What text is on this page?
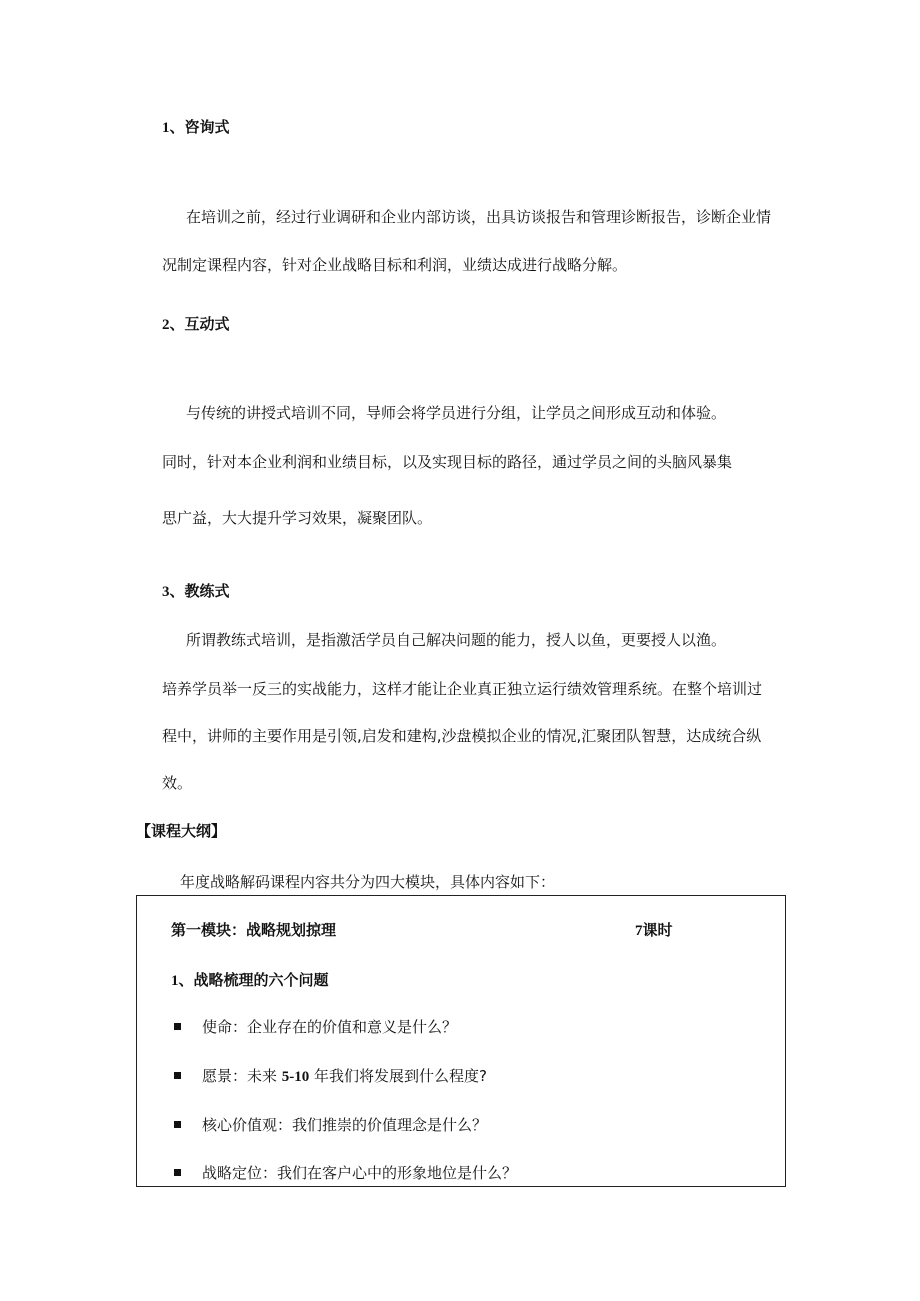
1、咨询式
在培训之前，经过行业调研和企业内部访谈，出具访谈报告和管理诊断报告，诊断企业情
况制定课程内容，针对企业战略目标和利润，业绩达成进行战略分解。
2、互动式
与传统的讲授式培训不同，导师会将学员进行分组，让学员之间形成互动和体验。
同时，针对本企业利润和业绩目标，以及实现目标的路径，通过学员之间的头脑风暴集
思广益，大大提升学习效果，凝聚团队。
3、教练式
所谓教练式培训，是指激活学员自己解决问题的能力，授人以鱼，更要授人以渔。
培养学员举一反三的实战能力，这样才能让企业真正独立运行绩效管理系统。在整个培训过
程中，讲师的主要作用是引领,启发和建构,沙盘模拟企业的情况,汇聚团队智慧，达成统合纵
效。
【课程大纲】
年度战略解码课程内容共分为四大模块，具体内容如下：
第一模块：战略规划掠理	7课时
1、战略梳理的六个问题
使命：企业存在的价值和意义是什么？
愿景：未来 5-10 年我们将发展到什么程度?
核心价值观：我们推崇的价值理念是什么？
战略定位：我们在客户心中的形象地位是什么？
